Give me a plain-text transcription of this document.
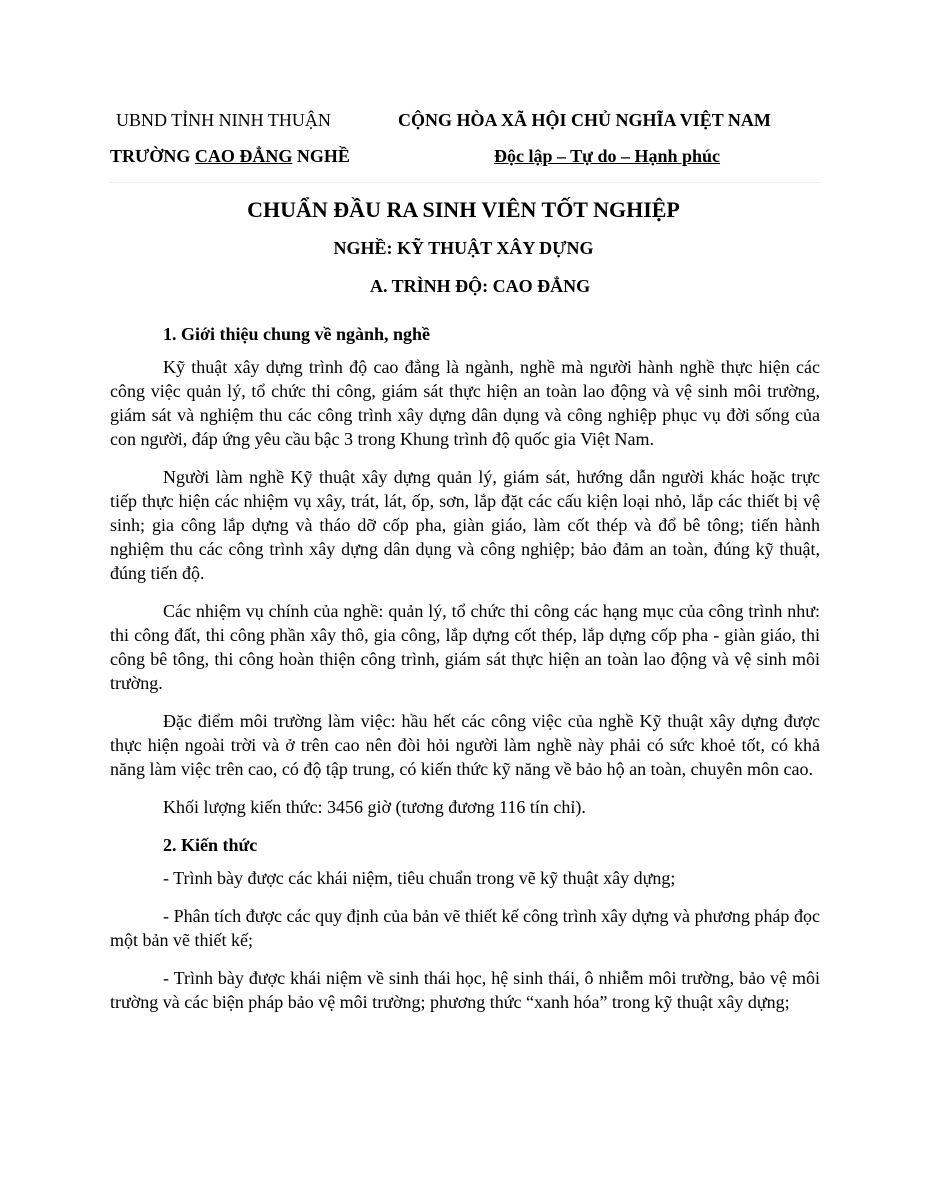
UBND TỈNH NINH THUẬN
TRƯỜNG CAO ĐẲNG NGHỀ
CỘNG HÒA XÃ HỘI CHỦ NGHĨA VIỆT NAM
Độc lập – Tự do – Hạnh phúc
CHUẨN ĐẦU RA SINH VIÊN TỐT NGHIỆP
NGHỀ: KỸ THUẬT XÂY DỰNG
A. TRÌNH ĐỘ: CAO ĐẲNG
1. Giới thiệu chung về ngành, nghề
Kỹ thuật xây dựng trình độ cao đẳng là ngành, nghề mà người hành nghề thực hiện các công việc quản lý, tổ chức thi công, giám sát thực hiện an toàn lao động và vệ sinh môi trường, giám sát và nghiệm thu các công trình xây dựng dân dụng và công nghiệp phục vụ đời sống của con người, đáp ứng yêu cầu bậc 3 trong Khung trình độ quốc gia Việt Nam.
Người làm nghề Kỹ thuật xây dựng quản lý, giám sát, hướng dẫn người khác hoặc trực tiếp thực hiện các nhiệm vụ xây, trát, lát, ốp, sơn, lắp đặt các cấu kiện loại nhỏ, lắp các thiết bị vệ sinh; gia công lắp dựng và tháo dỡ cốp pha, giàn giáo, làm cốt thép và đổ bê tông; tiến hành nghiệm thu các công trình xây dựng dân dụng và công nghiệp; bảo đảm an toàn, đúng kỹ thuật, đúng tiến độ.
Các nhiệm vụ chính của nghề: quản lý, tổ chức thi công các hạng mục của công trình như: thi công đất, thi công phần xây thô, gia công, lắp dựng cốt thép, lắp dựng cốp pha - giàn giáo, thi công bê tông, thi công hoàn thiện công trình, giám sát thực hiện an toàn lao động và vệ sinh môi trường.
Đặc điểm môi trường làm việc: hầu hết các công việc của nghề Kỹ thuật xây dựng được thực hiện ngoài trời và ở trên cao nên đòi hỏi người làm nghề này phải có sức khoẻ tốt, có khả năng làm việc trên cao, có độ tập trung, có kiến thức kỹ năng về bảo hộ an toàn, chuyên môn cao.
Khối lượng kiến thức: 3456 giờ (tương đương 116 tín chỉ).
2. Kiến thức
- Trình bày được các khái niệm, tiêu chuẩn trong vẽ kỹ thuật xây dựng;
- Phân tích được các quy định của bản vẽ thiết kế công trình xây dựng và phương pháp đọc một bản vẽ thiết kế;
- Trình bày được khái niệm về sinh thái học, hệ sinh thái, ô nhiễm môi trường, bảo vệ môi trường và các biện pháp bảo vệ môi trường; phương thức “xanh hóa” trong kỹ thuật xây dựng;
